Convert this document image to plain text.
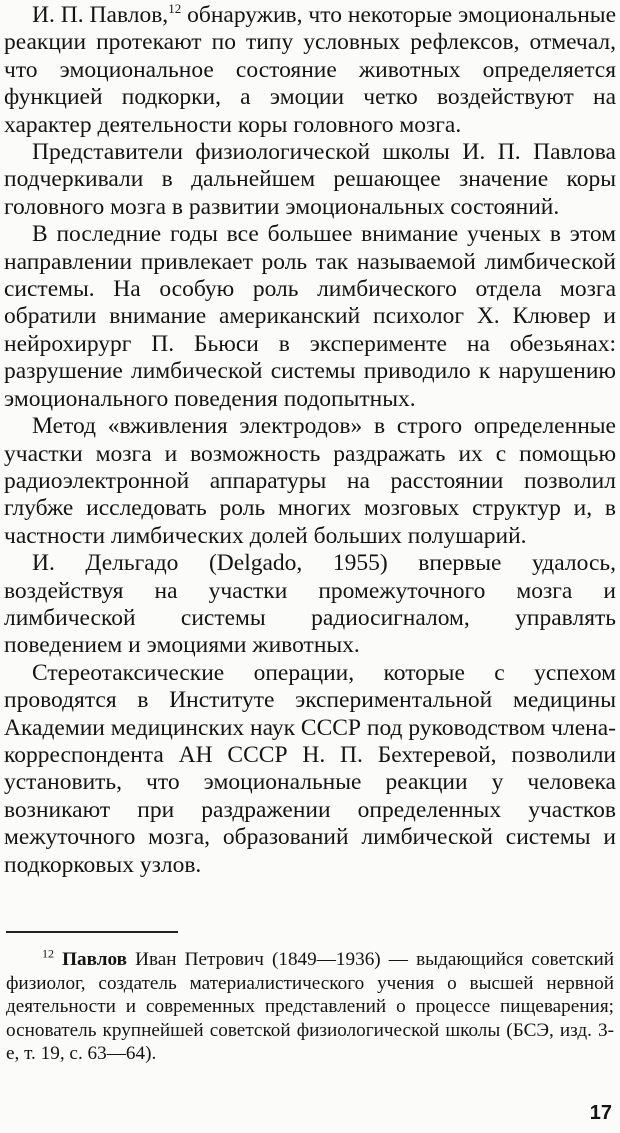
И. П. Павлов,$^{12}$ обнаружив, что некоторые эмоциональные реакции протекают по типу условных рефлексов, отмечал, что эмоциональное состояние животных определяется функцией подкорки, а эмоции четко воздействуют на характер деятельности коры головного мозга.

Представители физиологической школы И. П. Павлова подчеркивали в дальнейшем решающее значение коры головного мозга в развитии эмоциональных состояний.

В последние годы все большее внимание ученых в этом направлении привлекает роль так называемой лимбической системы. На особую роль лимбического отдела мозга обратили внимание американский психолог Х. Клювер и нейрохирург П. Бьюси в эксперименте на обезьянах: разрушение лимбической системы приводило к нарушению эмоционального поведения подопытных.

Метод «вживления электродов» в строго определенные участки мозга и возможность раздражать их с помощью радиоэлектронной аппаратуры на расстоянии позволил глубже исследовать роль многих мозговых структур и, в частности лимбических долей больших полушарий.

И. Дельгадо (Delgado, 1955) впервые удалось, воздействуя на участки промежуточного мозга и лимбической системы радиосигналом, управлять поведением и эмоциями животных.

Стереотаксические операции, которые с успехом проводятся в Институте экспериментальной медицины Академии медицинских наук СССР под руководством члена-корреспондента АН СССР Н. П. Бехтеревой, позволили установить, что эмоциональные реакции у человека возникают при раздражении определенных участков межуточного мозга, образований лимбической системы и подкорковых узлов.

$^{12}$ Павлов Иван Петрович (1849—1936) — выдающийся советский физиолог, создатель материалистического учения о высшей нервной деятельности и современных представлений о процессе пищеварения; основатель крупнейшей советской физиологической школы (БСЭ, изд. 3-е, т. 19, с. 63—64).

17
